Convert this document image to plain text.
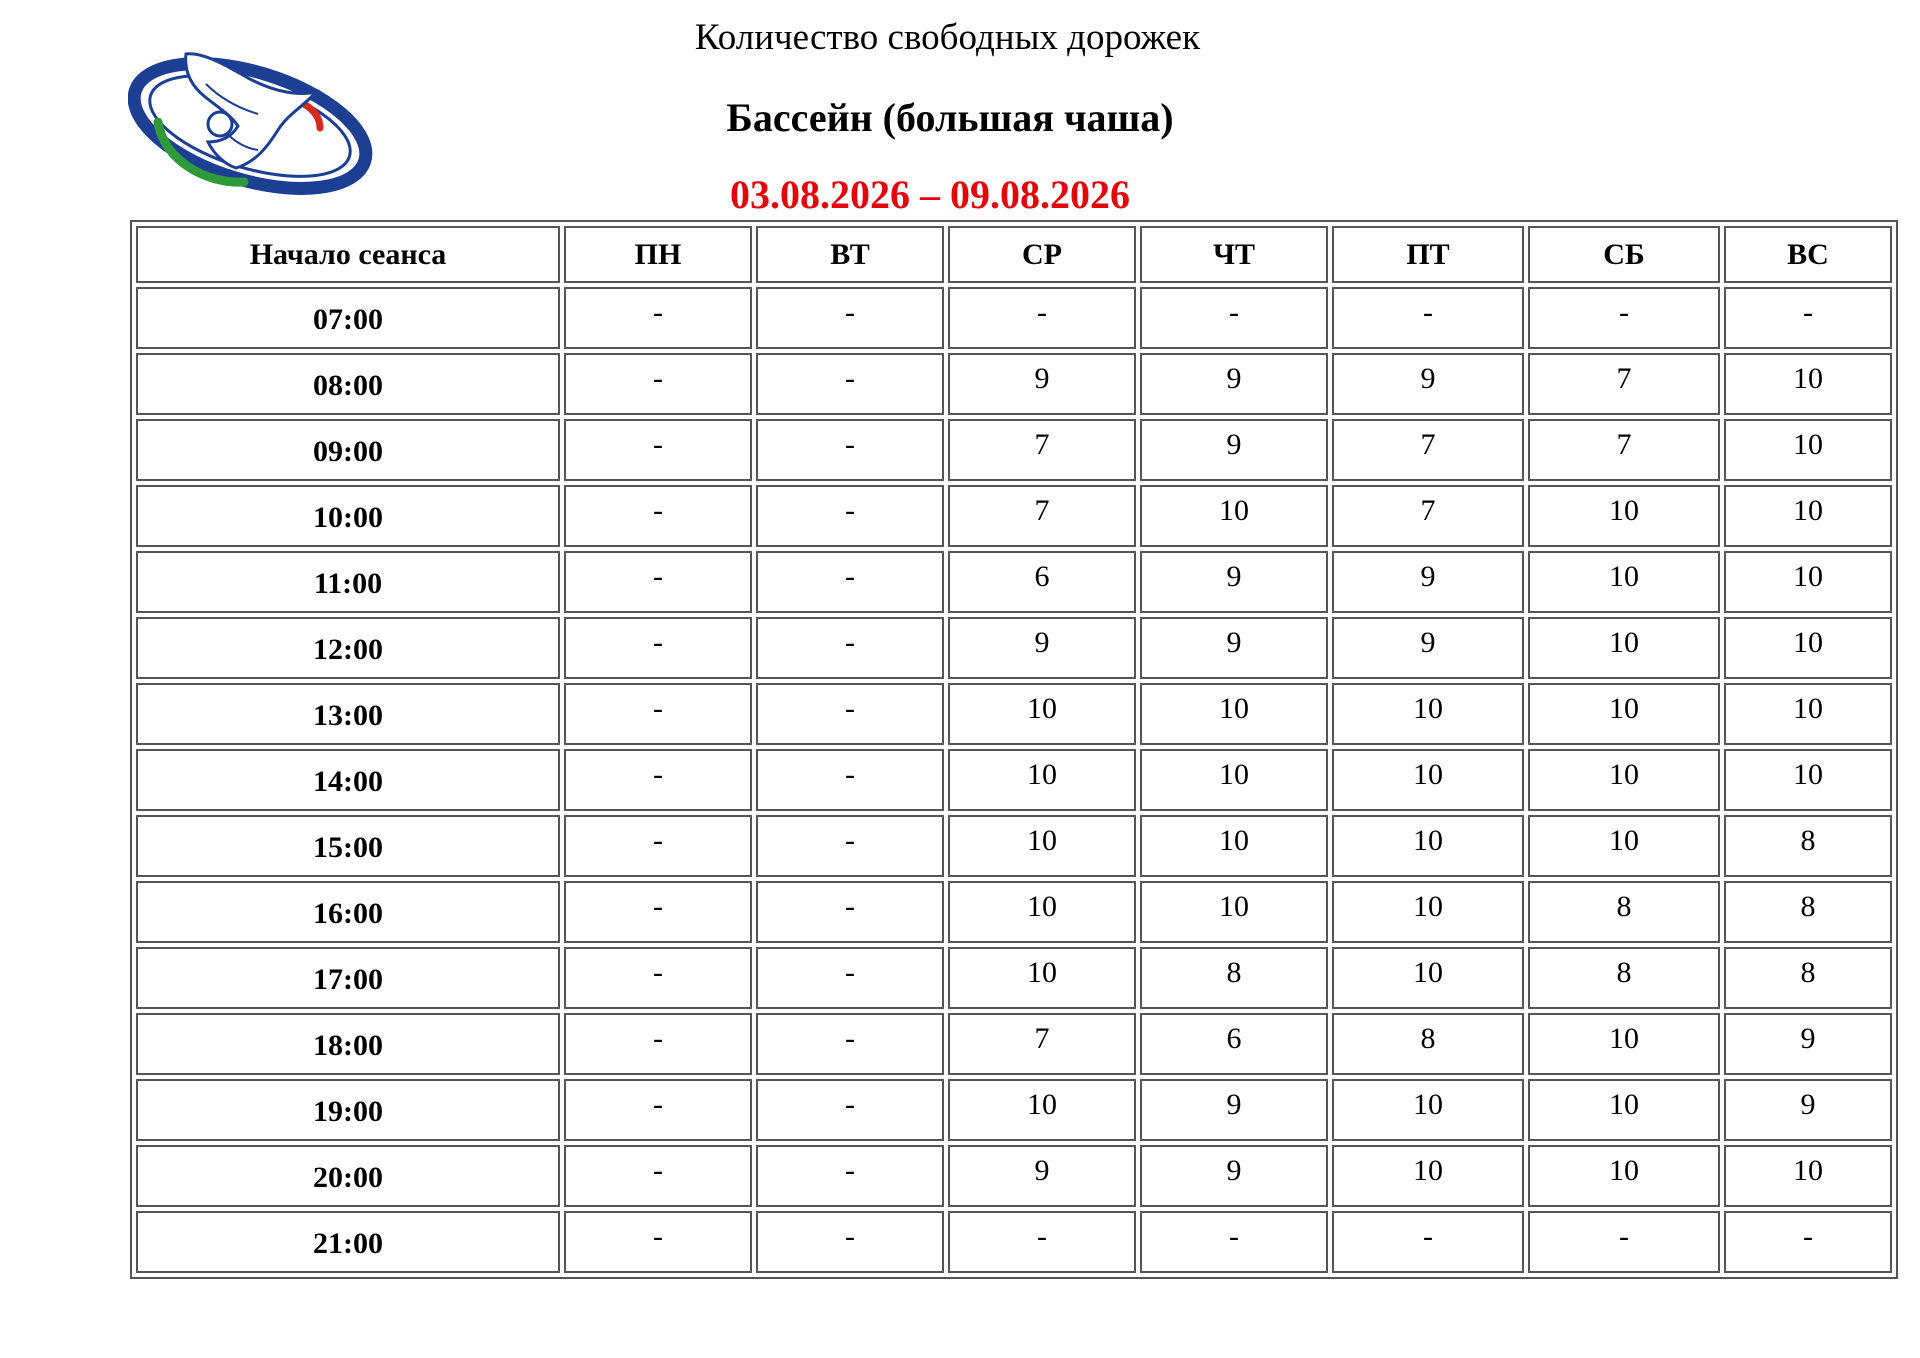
Количество свободных дорожек
Бассейн (большая чаша)
03.08.2026 – 09.08.2026
Начало сеанса	ПН	ВТ	СР	ЧТ	ПТ	СБ	ВС
07:00	-	-	-	-	-	-	-
08:00	-	-	9	9	9	7	10
09:00	-	-	7	9	7	7	10
10:00	-	-	7	10	7	10	10
11:00	-	-	6	9	9	10	10
12:00	-	-	9	9	9	10	10
13:00	-	-	10	10	10	10	10
14:00	-	-	10	10	10	10	10
15:00	-	-	10	10	10	10	8
16:00	-	-	10	10	10	8	8
17:00	-	-	10	8	10	8	8
18:00	-	-	7	6	8	10	9
19:00	-	-	10	9	10	10	9
20:00	-	-	9	9	10	10	10
21:00	-	-	-	-	-	-	-
